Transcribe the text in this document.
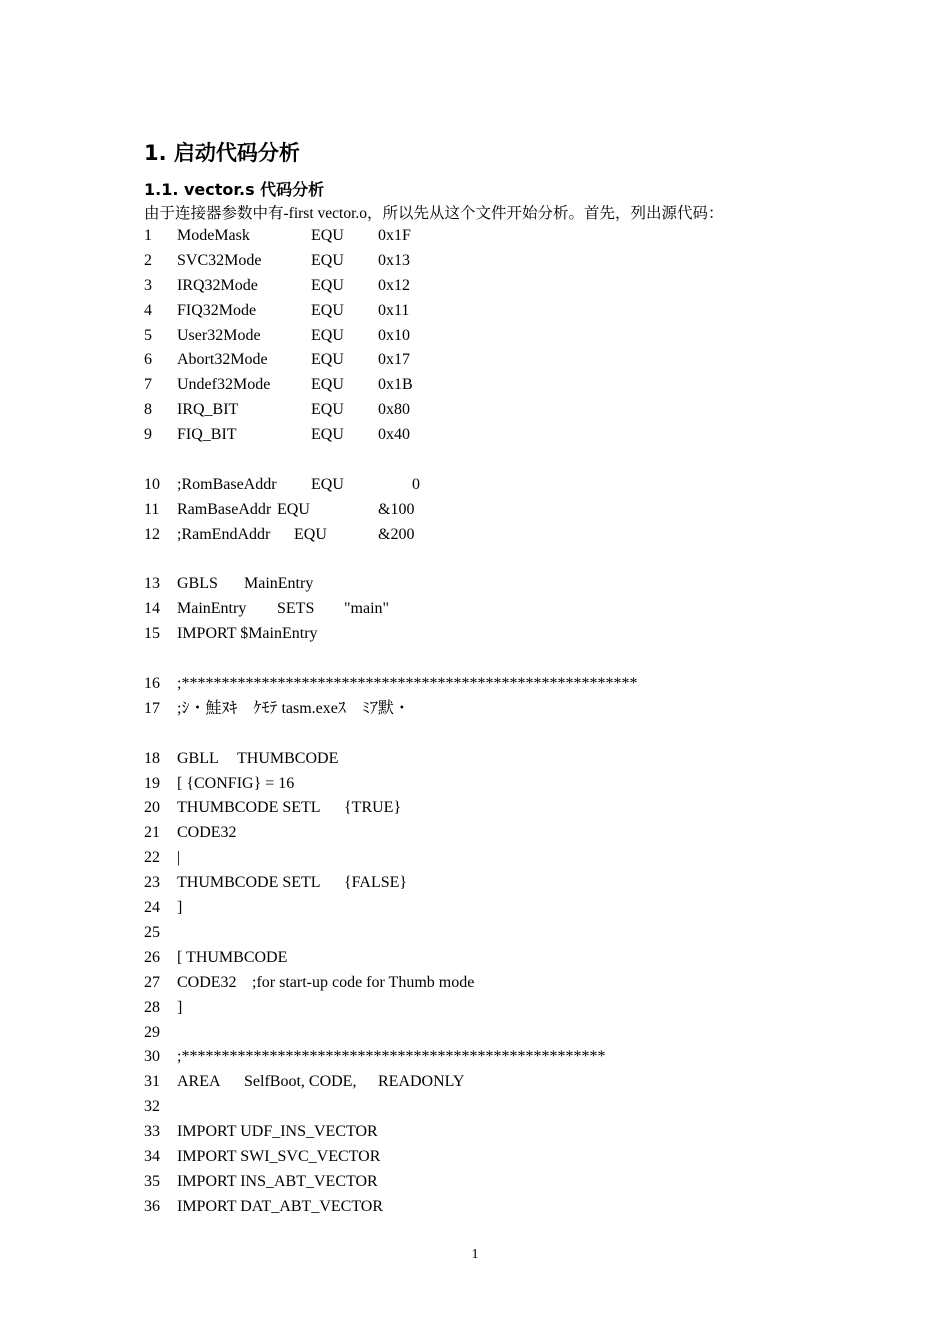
1. 启动代码分析
1.1. vector.s 代码分析
由于连接器参数中有-first vector.o，所以先从这个文件开始分析。首先，列出源代码：
1 ModeMask	EQU 0x1F
2 SVC32Mode	EQU 0x13
3 IRQ32Mode	EQU 0x12
4 FIQ32Mode	EQU 0x11
5 User32Mode	EQU 0x10
6 Abort32Mode	EQU 0x17
7 Undef32Mode	EQU 0x1B
8 IRQ_BIT	EQU 0x80
9 FIQ_BIT	EQU 0x40
10 ;RomBaseAddr EQU	0
11 RamBaseAddr EQU	&100
12 ;RamEndAddr EQU	&200
13 GBLS MainEntry
14 MainEntry SETS "main"
15 IMPORT $MainEntry
16 ;*********************************************************
17 ;ｼ・鮭ﾇｷ　ｹﾓﾃ tasm.exeｽ　ﾐｱ默・
18 GBLL THUMBCODE
19 [ {CONFIG} = 16
20 THUMBCODE SETL {TRUE}
21 CODE32
22 |
23 THUMBCODE SETL {FALSE}
24 ]
25
26 [ THUMBCODE
27 CODE32 ;for start-up code for Thumb mode
28 ]
29
30 ;*****************************************************
31 AREA SelfBoot, CODE, READONLY
32
33 IMPORT UDF_INS_VECTOR
34 IMPORT SWI_SVC_VECTOR
35 IMPORT INS_ABT_VECTOR
36 IMPORT DAT_ABT_VECTOR
1
